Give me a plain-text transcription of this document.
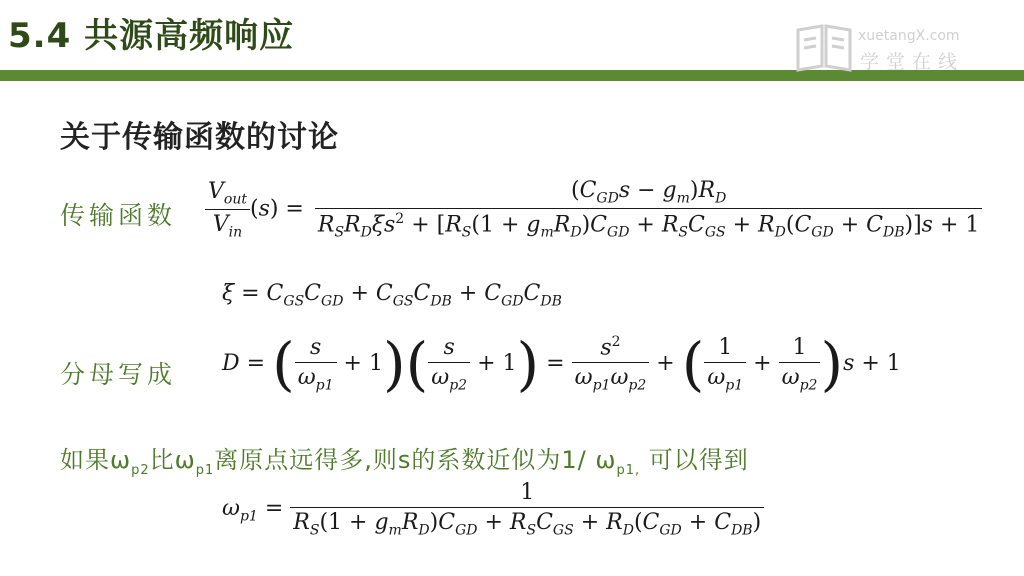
5.4 共源高频响应	xuetangX.com
学堂在线
关于传输函数的讨论
传输函数 $\frac{V_{out}}{V_{in}} (s) = \frac{(C_{GD}s - g_m)R_D}{R_SR_D\xi s^2 + [R_S(1 + g_mR_D)C_{GD} + R_SC_{GS} + R_D(C_{GD} + C_{DB})]s + 1}$
$\xi = C_{GS}C_{GD} + C_{GS}C_{DB} + C_{GD}C_{DB}$
分母写成 D = ( $\frac{s}{\omega_{p1}} + 1)( \frac{s}{\omega_{p2}} + 1) = \frac{s^2}{\omega_{p1}\omega_{p2}}$ + ( $\frac{1}{\omega_{p1}} + \frac{1}{\omega_{p2}} )s + 1$
如果$\omega_{p2}$比$\omega_{p1}$离原点远得多,则s的系数近似为1/ $\omega_{p1,}$ 可以得到
$\omega_{p1} = \frac{1}{R_S(1 + g_mR_D)C_{GD} + R_SC_{GS} + R_D(C_{GD} + C_{DB})}$
